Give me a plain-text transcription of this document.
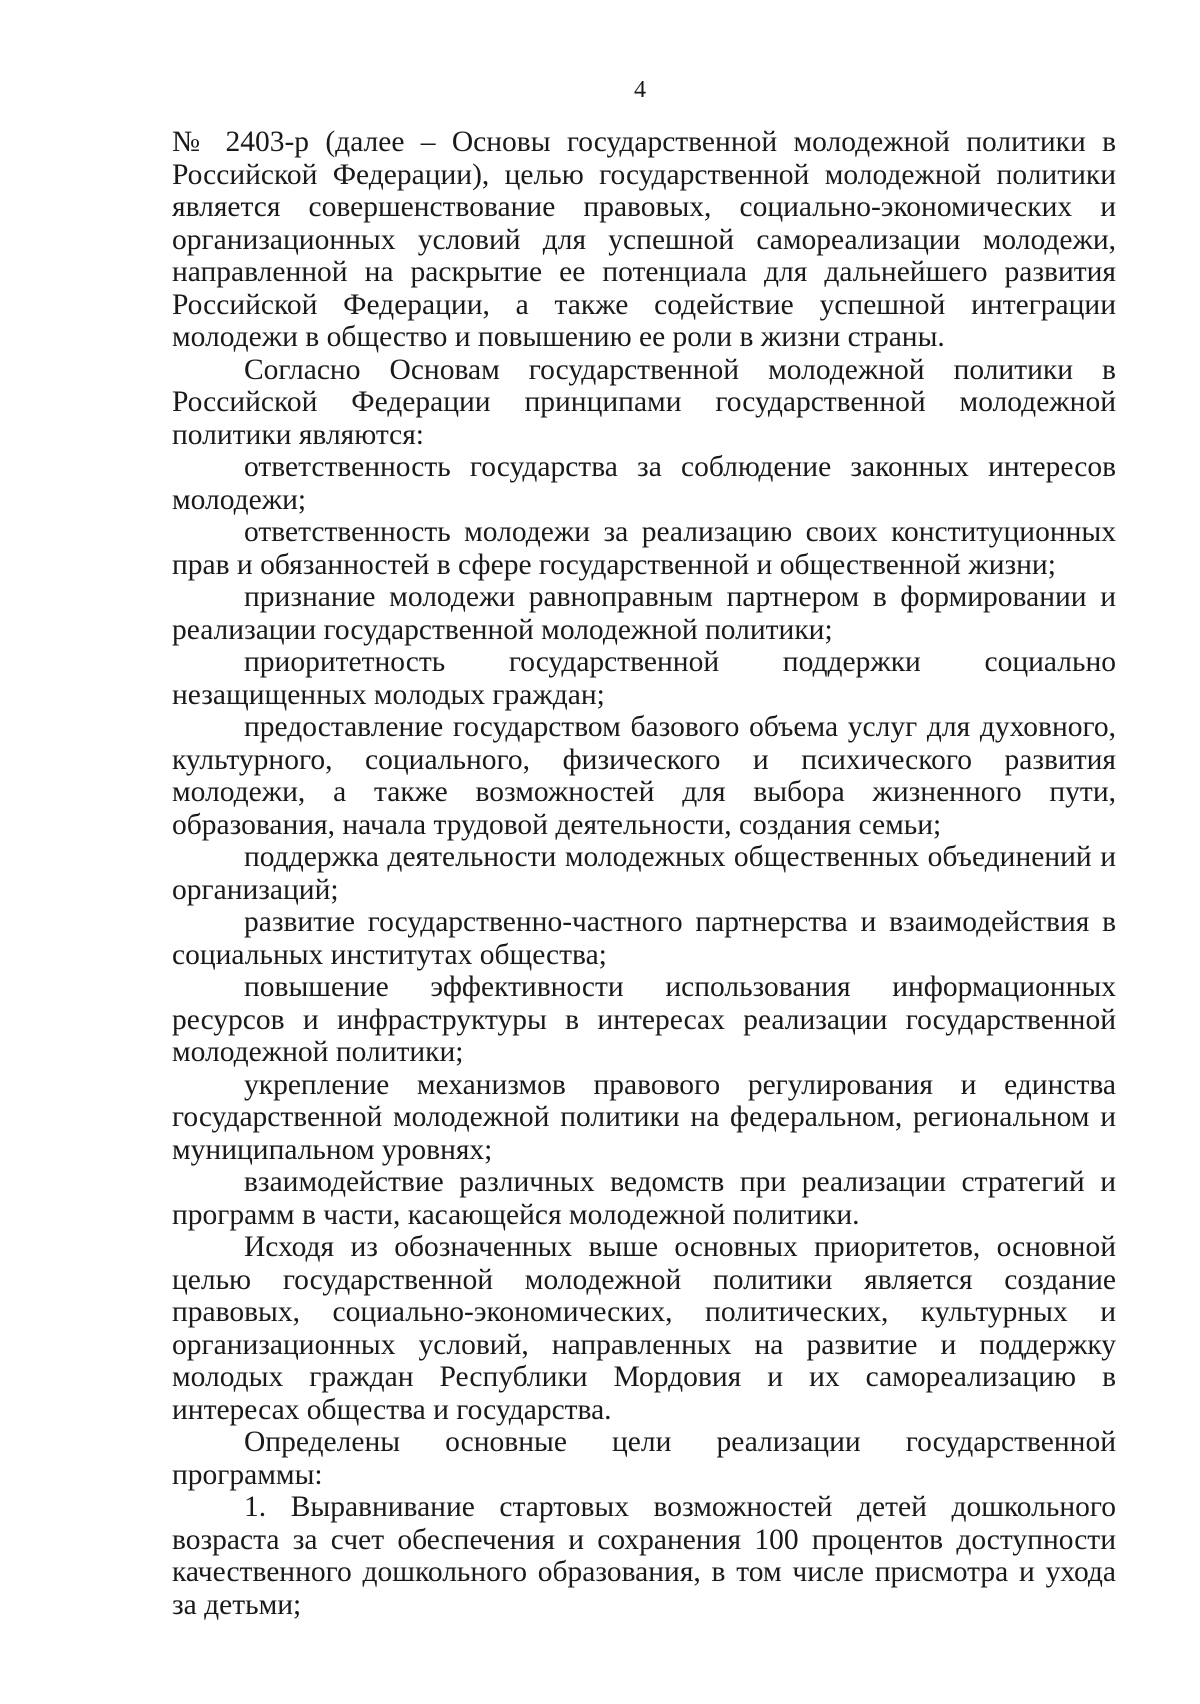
4

№ 2403-р (далее – Основы государственной молодежной политики в Российской Федерации), целью государственной молодежной политики является совершенствование правовых, социально-экономических и организационных условий для успешной самореализации молодежи, направленной на раскрытие ее потенциала для дальнейшего развития Российской Федерации, а также содействие успешной интеграции молодежи в общество и повышению ее роли в жизни страны.

Согласно Основам государственной молодежной политики в Российской Федерации принципами государственной молодежной политики являются:

ответственность государства за соблюдение законных интересов молодежи;

ответственность молодежи за реализацию своих конституционных прав и обязанностей в сфере государственной и общественной жизни;

признание молодежи равноправным партнером в формировании и реализации государственной молодежной политики;

приоритетность государственной поддержки социально незащищенных молодых граждан;

предоставление государством базового объема услуг для духовного, культурного, социального, физического и психического развития молодежи, а также возможностей для выбора жизненного пути, образования, начала трудовой деятельности, создания семьи;

поддержка деятельности молодежных общественных объединений и организаций;

развитие государственно-частного партнерства и взаимодействия в социальных институтах общества;

повышение эффективности использования информационных ресурсов и инфраструктуры в интересах реализации государственной молодежной политики;

укрепление механизмов правового регулирования и единства государственной молодежной политики на федеральном, региональном и муниципальном уровнях;

взаимодействие различных ведомств при реализации стратегий и программ в части, касающейся молодежной политики.

Исходя из обозначенных выше основных приоритетов, основной целью государственной молодежной политики является создание правовых, социально-экономических, политических, культурных и организационных условий, направленных на развитие и поддержку молодых граждан Республики Мордовия и их самореализацию в интересах общества и государства.

Определены основные цели реализации государственной программы:

1. Выравнивание стартовых возможностей детей дошкольного возраста за счет обеспечения и сохранения 100 процентов доступности качественного дошкольного образования, в том числе присмотра и ухода за детьми;
